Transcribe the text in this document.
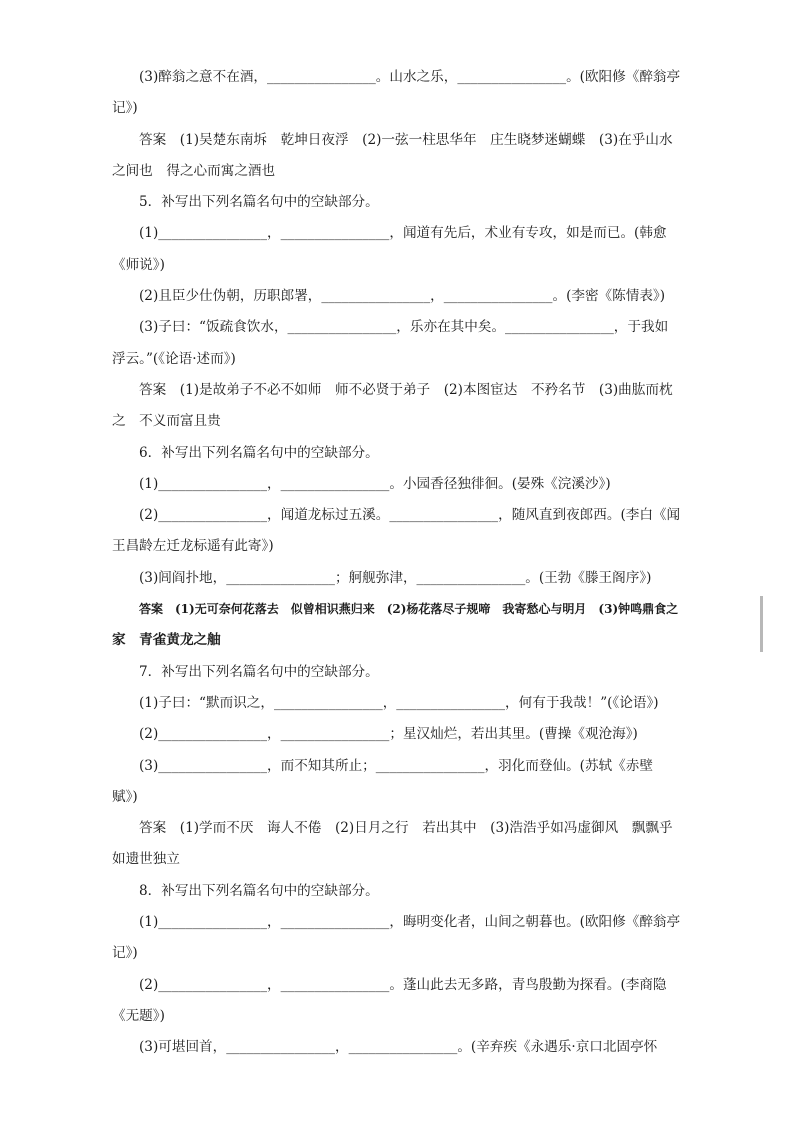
(3)醉翁之意不在酒，________________。山水之乐，________________。(欧阳修《醉翁亭
记》)
答案　(1)吴楚东南坼　乾坤日夜浮　(2)一弦一柱思华年　庄生晓梦迷蝴蝶　(3)在乎山水
之间也　得之心而寓之酒也
5．补写出下列名篇名句中的空缺部分。
(1)________________，________________，闻道有先后，术业有专攻，如是而已。(韩愈
《师说》)
(2)且臣少仕伪朝，历职郎署，________________，________________。(李密《陈情表》)
(3)子曰：“饭疏食饮水，________________，乐亦在其中矣。________________，于我如
浮云。”(《论语·述而》)
答案　(1)是故弟子不必不如师　师不必贤于弟子　(2)本图宦达　不矜名节　(3)曲肱而枕
之　不义而富且贵
6．补写出下列名篇名句中的空缺部分。
(1)________________，________________。小园香径独徘徊。(晏殊《浣溪沙》)
(2)________________，闻道龙标过五溪。________________，随风直到夜郎西。(李白《闻
王昌龄左迁龙标遥有此寄》)
(3)闾阎扑地，________________；舸舰弥津，________________。(王勃《滕王阁序》)
答案　(1)无可奈何花落去　似曾相识燕归来　(2)杨花落尽子规啼　我寄愁心与明月　(3)钟鸣鼎食之
家　青雀黄龙之舳
7．补写出下列名篇名句中的空缺部分。
(1)子曰：“默而识之，________________，________________，何有于我哉！”(《论语》)
(2)________________，________________；星汉灿烂，若出其里。(曹操《观沧海》)
(3)________________，而不知其所止；________________，羽化而登仙。(苏轼《赤壁
赋》)
答案　(1)学而不厌　诲人不倦　(2)日月之行　若出其中　(3)浩浩乎如冯虚御风　飘飘乎
如遗世独立
8．补写出下列名篇名句中的空缺部分。
(1)________________，________________，晦明变化者，山间之朝暮也。(欧阳修《醉翁亭
记》)
(2)________________，________________。蓬山此去无多路，青鸟殷勤为探看。(李商隐
《无题》)
(3)可堪回首，________________，________________。(辛弃疾《永遇乐·京口北固亭怀
